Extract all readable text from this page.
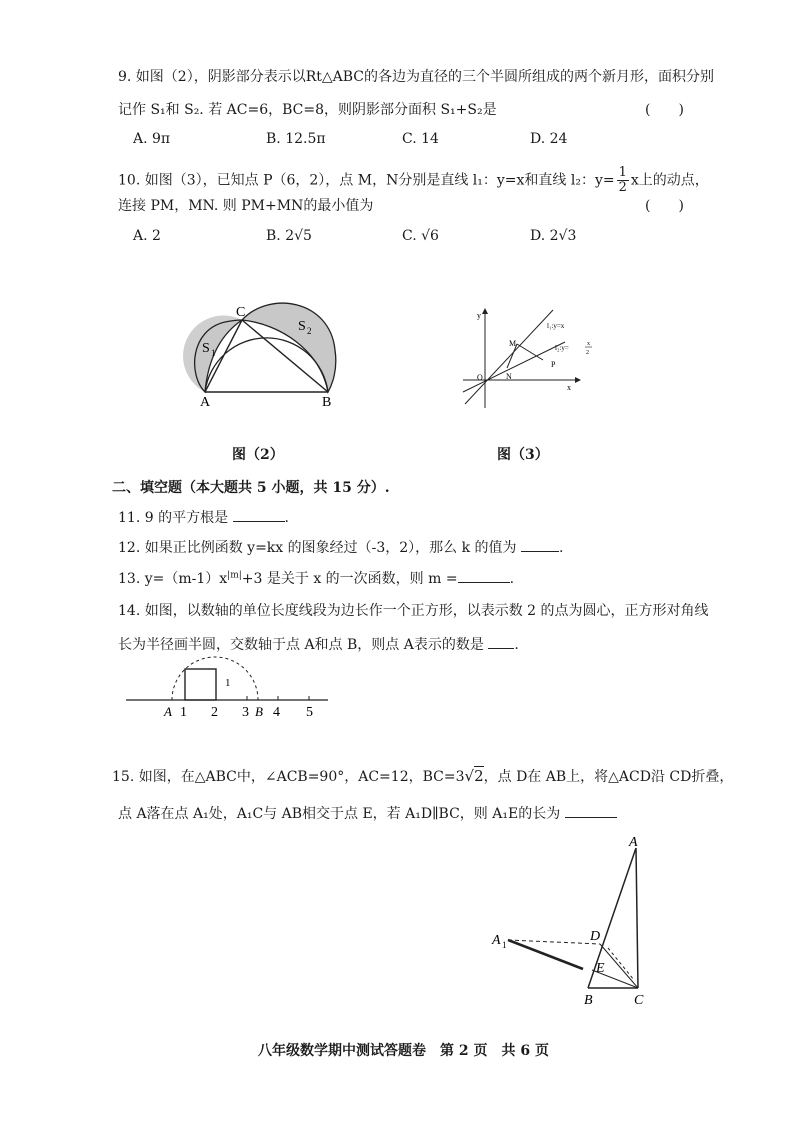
9. 如图（2），阴影部分表示以Rt△ABC的各边为直径的三个半圆所组成的两个新月形，面积分别
记作 S₁和 S₂. 若 AC=6，BC=8，则阴影部分面积 S₁+S₂是	(　　)
A. 9π	B. 12.5π	C. 14	D. 24
10. 如图（3），已知点 P（6，2），点 M，N分别是直线 l₁：y=x和直线 l₂：$y= \frac{1}{2}$ x上的动点，
连接 PM，MN. 则 PM+MN的最小值为	(　　)
A. 2	B. 2√5	C. √6	D. 2√3
C
S 1
S 2
A	B
图（2）
y
x
O
M
N
P
l₁:y=x
l₂:y=	x
2
图（3）
二、填空题（本大题共 5 小题，共 15 分）.
11. 9 的平方根是	.
12. 如果正比例函数 y=kx 的图象经过（-3，2），那么 k 的值为	.
13. $y=(m-1)x^{|m|}+3$ 是关于 x 的一次函数，则 m =	.
14. 如图，以数轴的单位长度线段为边长作一个正方形，以表示数 2 的点为圆心，正方形对角线
长为半径画半圆，交数轴于点 A和点 B，则点 A表示的数是 .
A 1 2 3 B 4 5
1
15. 如图，在△ABC中，∠ACB=90°，AC=12，BC=3√2，点 D在 AB上，将△ACD沿 CD折叠，
点 A落在点 A₁处，A₁C与 AB相交于点 E，若 A₁D∥BC，则 A₁E的长为
A
A 1
D
E
B	C
八年级数学期中测试答题卷　 第 2 页　 共 6 页
